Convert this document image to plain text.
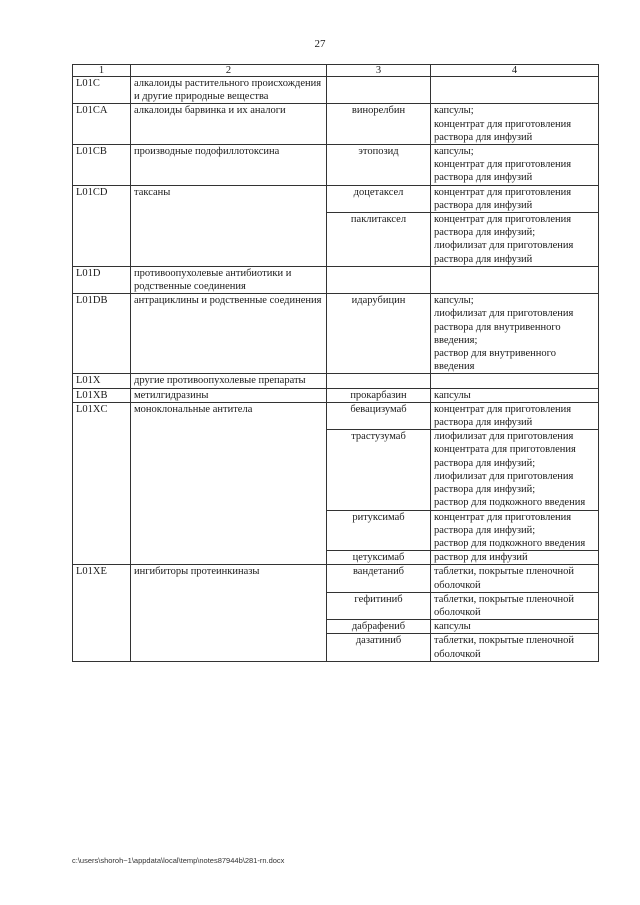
27
1	2	3	4
L01C	алкалоиды растительного происхождения и другие природные вещества		
L01CA	алкалоиды барвинка и их аналоги	винорелбин	капсулы;
концентрат для приготовления раствора для инфузий
L01CB	производные подофиллотоксина	этопозид	капсулы;
концентрат для приготовления раствора для инфузий
L01CD	таксаны	доцетаксел	концентрат для приготовления раствора для инфузий
		паклитаксел	концентрат для приготовления раствора для инфузий;
лиофилизат для приготовления раствора для инфузий
L01D	противоопухолевые антибиотики и родственные соединения		
L01DB	антрациклины и родственные соединения	идарубицин	капсулы;
лиофилизат для приготовления раствора для внутривенного введения;
раствор для внутривенного введения
L01X	другие противоопухолевые препараты		
L01XB	метилгидразины	прокарбазин	капсулы
L01XC	моноклональные антитела	бевацизумаб	концентрат для приготовления раствора для инфузий
		трастузумаб	лиофилизат для приготовления концентрата для приготовления раствора для инфузий;
лиофилизат для приготовления раствора для инфузий;
раствор для подкожного введения
		ритуксимаб	концентрат для приготовления раствора для инфузий;
раствор для подкожного введения
		цетуксимаб	раствор для инфузий
L01XE	ингибиторы протеинкиназы	вандетаниб	таблетки, покрытые пленочной оболочкой
		гефитиниб	таблетки, покрытые пленочной оболочкой
		дабрафениб	капсулы
		дазатиниб	таблетки, покрытые пленочной оболочкой
c:\users\shoroh~1\appdata\local\temp\notes87944b\281-rn.docx
